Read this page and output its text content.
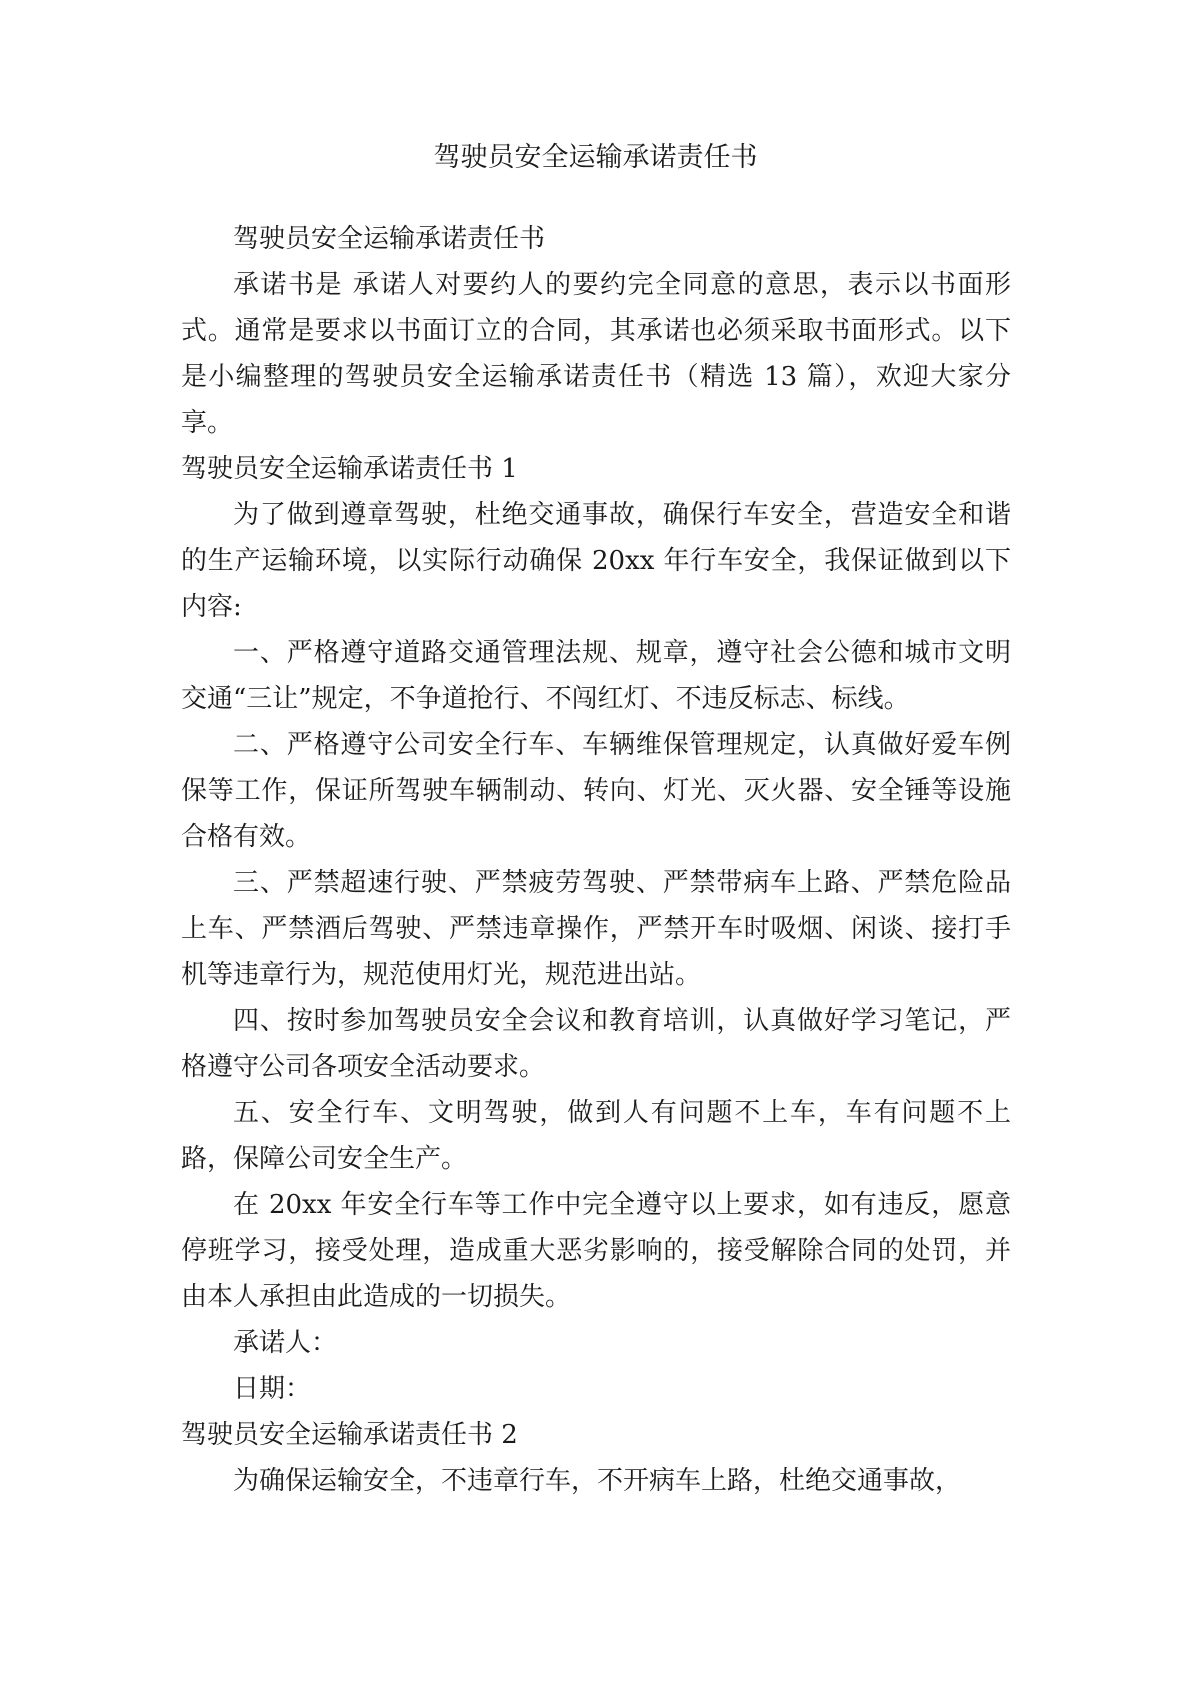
驾驶员安全运输承诺责任书

驾驶员安全运输承诺责任书

承诺书是 承诺人对要约人的要约完全同意的意思，表示以书面形式。通常是要求以书面订立的合同，其承诺也必须采取书面形式。以下是小编整理的驾驶员安全运输承诺责任书（精选 13 篇），欢迎大家分享。

驾驶员安全运输承诺责任书 1

为了做到遵章驾驶，杜绝交通事故，确保行车安全，营造安全和谐的生产运输环境，以实际行动确保 20xx 年行车安全，我保证做到以下内容:

一、严格遵守道路交通管理法规、规章，遵守社会公德和城市文明交通“三让”规定，不争道抢行、不闯红灯、不违反标志、标线。

二、严格遵守公司安全行车、车辆维保管理规定，认真做好爱车例保等工作，保证所驾驶车辆制动、转向、灯光、灭火器、安全锤等设施合格有效。

三、严禁超速行驶、严禁疲劳驾驶、严禁带病车上路、严禁危险品上车、严禁酒后驾驶、严禁违章操作，严禁开车时吸烟、闲谈、接打手机等违章行为，规范使用灯光，规范进出站。

四、按时参加驾驶员安全会议和教育培训，认真做好学习笔记，严格遵守公司各项安全活动要求。

五、安全行车、文明驾驶，做到人有问题不上车，车有问题不上路，保障公司安全生产。

在 20xx 年安全行车等工作中完全遵守以上要求，如有违反，愿意停班学习，接受处理，造成重大恶劣影响的，接受解除合同的处罚，并由本人承担由此造成的一切损失。

承诺人：

日期：

驾驶员安全运输承诺责任书 2

为确保运输安全，不违章行车，不开病车上路，杜绝交通事故，
